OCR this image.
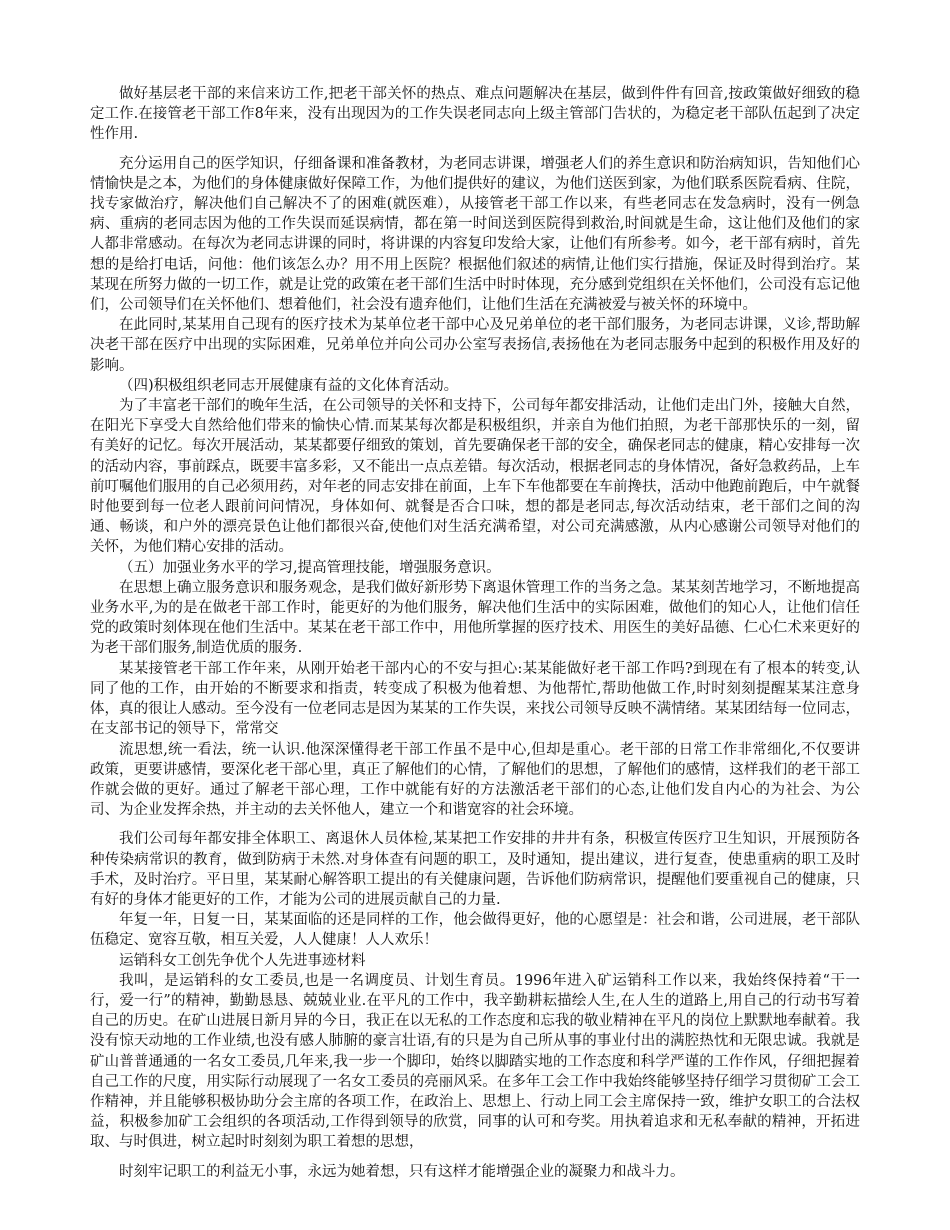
做好基层老干部的来信来访工作,把老干部关怀的热点、难点问题解决在基层，做到件件有回音,按政策做好细致的稳定工作.在接管老干部工作8年来，没有出现因为的工作失误老同志向上级主管部门告状的，为稳定老干部队伍起到了决定性作用.

充分运用自己的医学知识，仔细备课和准备教材，为老同志讲课，增强老人们的养生意识和防治病知识，告知他们心情愉快是之本，为他们的身体健康做好保障工作，为他们提供好的建议，为他们送医到家，为他们联系医院看病、住院，找专家做治疗，解决他们自己解决不了的困难(就医难），从接管老干部工作以来，有些老同志在发急病时，没有一例急病、重病的老同志因为他的工作失误而延误病情，都在第一时间送到医院得到救治,时间就是生命，这让他们及他们的家人都非常感动。在每次为老同志讲课的同时，将讲课的内容复印发给大家，让他们有所参考。如今，老干部有病时，首先想的是给打电话，问他：他们该怎么办？用不用上医院？根据他们叙述的病情,让他们实行措施，保证及时得到治疗。某某现在所努力做的一切工作，就是让党的政策在老干部们生活中时时体现，充分感到党组织在关怀他们，公司没有忘记他们，公司领导们在关怀他们、想着他们，社会没有遗弃他们，让他们生活在充满被爱与被关怀的环境中。

在此同时,某某用自己现有的医疗技术为某单位老干部中心及兄弟单位的老干部们服务，为老同志讲课，义诊,帮助解决老干部在医疗中出现的实际困难，兄弟单位并向公司办公室写表扬信,表扬他在为老同志服务中起到的积极作用及好的影响。

（四)积极组织老同志开展健康有益的文化体育活动。

为了丰富老干部们的晚年生活，在公司领导的关怀和支持下，公司每年都安排活动，让他们走出门外，接触大自然，在阳光下享受大自然给他们带来的愉快心情.而某某每次都是积极组织，并亲自为他们拍照，为老干部那快乐的一刻，留有美好的记忆。每次开展活动，某某都要仔细致的策划，首先要确保老干部的安全，确保老同志的健康，精心安排每一次的活动内容，事前踩点，既要丰富多彩，又不能出一点点差错。每次活动，根据老同志的身体情况，备好急救药品，上车前叮嘱他们服用的自己必须用药，对年老的同志安排在前面，上车下车他都要在车前搀扶，活动中他跑前跑后，中午就餐时他要到每一位老人跟前问问情况，身体如何、就餐是否合口味，想的都是老同志,每次活动结束，老干部们之间的沟通、畅谈，和户外的漂亮景色让他们都很兴奋,使他们对生活充满希望，对公司充满感激，从内心感谢公司领导对他们的关怀，为他们精心安排的活动。

（五）加强业务水平的学习,提高管理技能，增强服务意识。

在思想上确立服务意识和服务观念，是我们做好新形势下离退休管理工作的当务之急。某某刻苦地学习，不断地提高业务水平,为的是在做老干部工作时，能更好的为他们服务，解决他们生活中的实际困难，做他们的知心人，让他们信任党的政策时刻体现在他们生活中。某某在老干部工作中，用他所掌握的医疗技术、用医生的美好品德、仁心仁术来更好的为老干部们服务,制造优质的服务.

某某接管老干部工作年来，从刚开始老干部内心的不安与担心:某某能做好老干部工作吗?到现在有了根本的转变,认同了他的工作，由开始的不断要求和指责，转变成了积极为他着想、为他帮忙,帮助他做工作,时时刻刻提醒某某注意身体，真的很让人感动。至今没有一位老同志是因为某某的工作失误，来找公司领导反映不满情绪。某某团结每一位同志，在支部书记的领导下，常常交

流思想,统一看法，统一认识.他深深懂得老干部工作虽不是中心,但却是重心。老干部的日常工作非常细化,不仅要讲政策，更要讲感情，要深化老干部心里，真正了解他们的心情，了解他们的思想，了解他们的感情，这样我们的老干部工作就会做的更好。通过了解老干部心理，工作中就能有好的方法激活老干部们的心态,让他们发自内心的为社会、为公司、为企业发挥余热，并主动的去关怀他人，建立一个和谐宽容的社会环境。

我们公司每年都安排全体职工、离退休人员体检,某某把工作安排的井井有条，积极宣传医疗卫生知识，开展预防各种传染病常识的教育，做到防病于未然.对身体查有问题的职工，及时通知，提出建议，进行复查，使患重病的职工及时手术，及时治疗。平日里，某某耐心解答职工提出的有关健康问题，告诉他们防病常识，提醒他们要重视自己的健康，只有好的身体才能更好的工作，才能为公司的进展贡献自己的力量.

年复一年，日复一日，某某面临的还是同样的工作，他会做得更好，他的心愿望是：社会和谐，公司进展，老干部队伍稳定、宽容互敬，相互关爱，人人健康！人人欢乐！

运销科女工创先争优个人先进事迹材料

我叫，是运销科的女工委员,也是一名调度员、计划生育员。1996年进入矿运销科工作以来，我始终保持着“干一行，爱一行”的精神，勤勤恳恳、兢兢业业.在平凡的工作中，我辛勤耕耘描绘人生,在人生的道路上,用自己的行动书写着自己的历史。在矿山进展日新月异的今日，我正在以无私的工作态度和忘我的敬业精神在平凡的岗位上默默地奉献着。我没有惊天动地的工作业绩,也没有感人肺腑的豪言壮语,有的只是为自己所从事的事业付出的满腔热忱和无限忠诚。我就是矿山普普通通的一名女工委员,几年来,我一步一个脚印，始终以脚踏实地的工作态度和科学严谨的工作作风，仔细把握着自己工作的尺度，用实际行动展现了一名女工委员的亮丽风采。在多年工会工作中我始终能够坚持仔细学习贯彻矿工会工作精神，并且能够积极协助分会主席的各项工作，在政治上、思想上、行动上同工会主席保持一致，维护女职工的合法权益，积极参加矿工会组织的各项活动,工作得到领导的欣赏，同事的认可和夸奖。用执着追求和无私奉献的精神，开拓进取、与时俱进，树立起时时刻刻为职工着想的思想，

时刻牢记职工的利益无小事，永远为她着想，只有这样才能增强企业的凝聚力和战斗力。
